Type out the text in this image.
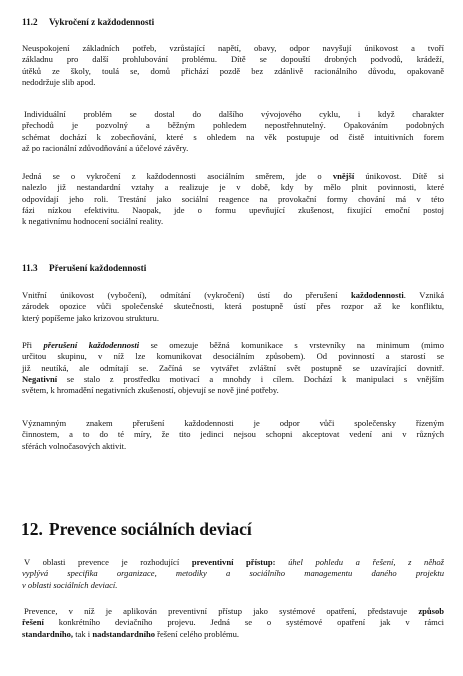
11.2 Vykročení z každodennosti

Neuspokojení základních potřeb, vzrůstající napětí, obavy, odpor navyšují únikovost a tvoří
základnu pro další prohlubování problému. Dítě se dopouští drobných podvodů, krádeží,
útěků ze školy, toulá se, domů přichází pozdě bez zdánlivě racionálního důvodu, opakovaně
nedodržuje slib apod.

Individuální problém se dostal do dalšího vývojového cyklu, i když charakter
přechodů je pozvolný a běžným pohledem nepostřehnutelný. Opakováním podobných
schémat dochází k zobecňování, které s ohledem na věk postupuje od čistě intuitivních forem
až po racionální zdůvodňování a účelové závěry.

Jedná se o vykročení z každodennosti asociálním směrem, jde o vnější únikovost. Dítě si
nalezlo již nestandardní vztahy a realizuje je v době, kdy by mělo plnit povinnosti, které
odpovídají jeho roli. Trestání jako sociální reagence na provokační formy chování má v této
fázi nízkou efektivitu. Naopak, jde o formu upevňující zkušenost, fixující emoční postoj
k negativnímu hodnocení sociální reality.

11.3 Přerušení každodennosti

Vnitřní únikovost (vybočení), odmítání (vykročení) ústí do přerušení každodennosti. Vzniká
zárodek opozice vůči společenské skutečnosti, která postupně ústí přes rozpor až ke konfliktu,
který popíšeme jako krizovou strukturu.

Při přerušení každodennosti se omezuje běžná komunikace s vrstevníky na minimum (mimo
určitou skupinu, v níž lze komunikovat desociálním způsobem). Od povinností a starostí se
již neutíká, ale odmítají se. Začíná se vytvářet zvláštní svět postupně se uzavírající dovnitř.
Negativní se stalo z prostředku motivací a mnohdy i cílem. Dochází k manipulaci s vnějším
světem, k hromadění negativních zkušeností, objevují se nově jiné potřeby.

Významným znakem přerušení každodennosti je odpor vůči společensky řízeným
činnostem, a to do té míry, že tito jedinci nejsou schopni akceptovat vedení ani v různých
sférách volnočasových aktivit.

12. Prevence sociálních deviací

V oblasti prevence je rozhodující preventivní přístup: úhel pohledu a řešení, z něhož
vyplývá specifika organizace, metodiky a sociálního managementu daného projektu
v oblasti sociálních deviací.

Prevence, v níž je aplikován preventivní přístup jako systémové opatření, představuje způsob
řešení konkrétního deviačního projevu. Jedná se o systémové opatření jak v rámci
standardního, tak i nadstandardního řešení celého problému.
